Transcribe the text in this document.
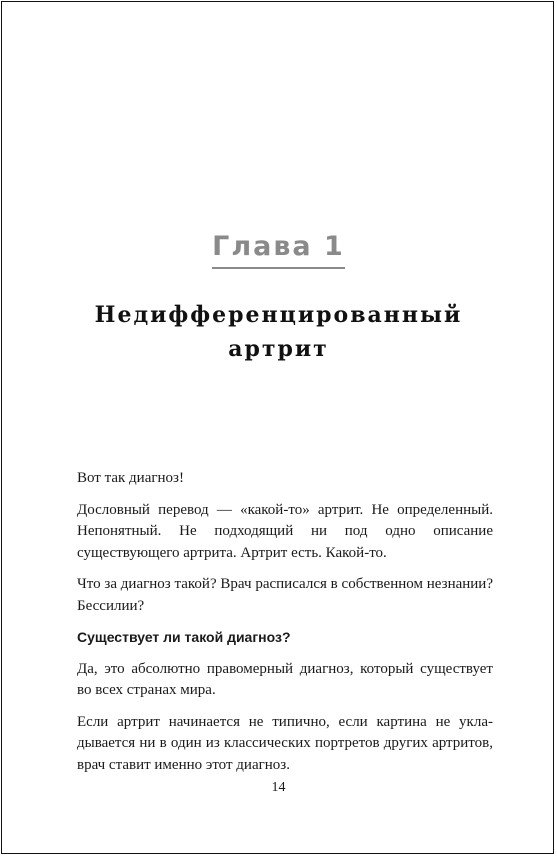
Глава 1
Недифференцированный
артрит

Вот так диагноз!

Дословный перевод — «какой-то» артрит. Не определенный. Непонятный. Не подходящий ни под одно описание существующего артрита. Артрит есть. Какой-то.

Что за диагноз такой? Врач расписался в собственном незнании? Бессилии?

Существует ли такой диагноз?

Да, это абсолютно правомерный диагноз, который существует во всех странах мира.

Если артрит начинается не типично, если картина не укладывается ни в один из классических портретов других артритов, врач ставит именно этот диагноз.

14
